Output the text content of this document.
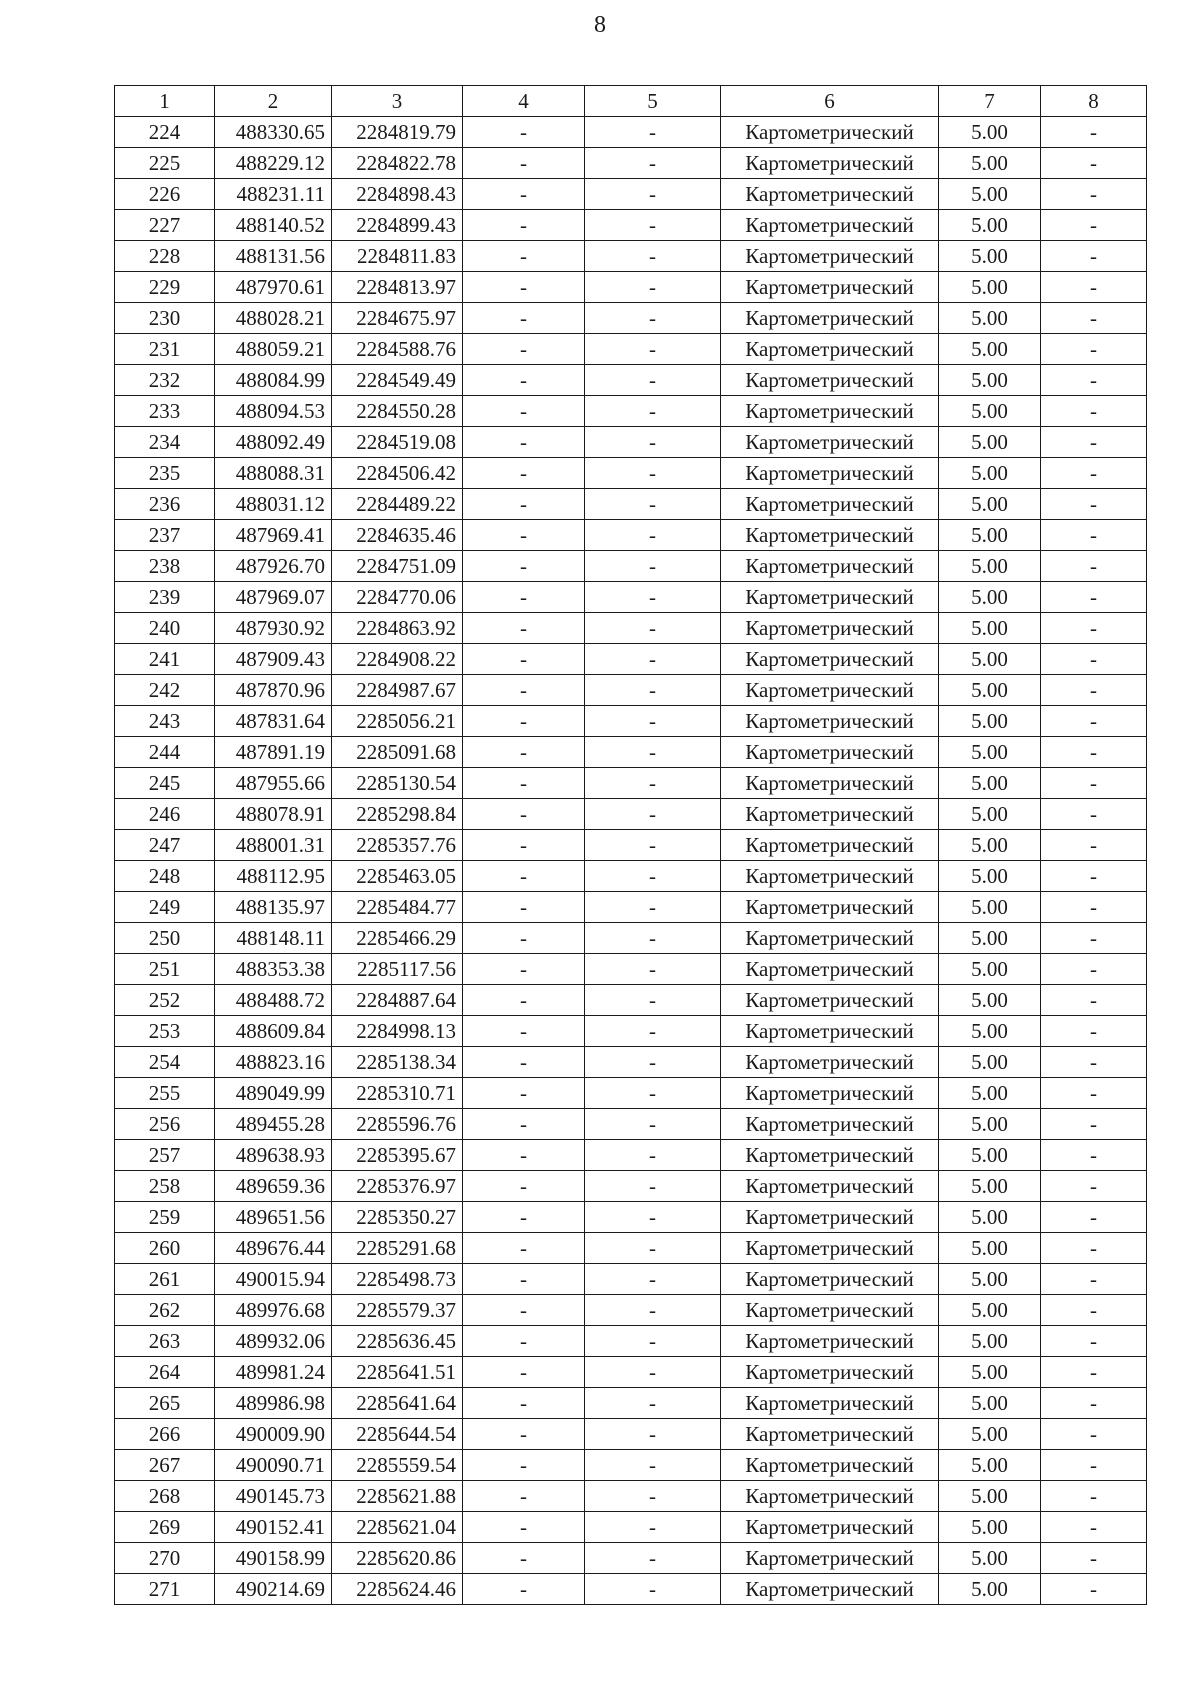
8
1	2	3	4	5	6	7	8
224	488330.65	2284819.79	-	-	Картометрический	5.00	-
225	488229.12	2284822.78	-	-	Картометрический	5.00	-
226	488231.11	2284898.43	-	-	Картометрический	5.00	-
227	488140.52	2284899.43	-	-	Картометрический	5.00	-
228	488131.56	2284811.83	-	-	Картометрический	5.00	-
229	487970.61	2284813.97	-	-	Картометрический	5.00	-
230	488028.21	2284675.97	-	-	Картометрический	5.00	-
231	488059.21	2284588.76	-	-	Картометрический	5.00	-
232	488084.99	2284549.49	-	-	Картометрический	5.00	-
233	488094.53	2284550.28	-	-	Картометрический	5.00	-
234	488092.49	2284519.08	-	-	Картометрический	5.00	-
235	488088.31	2284506.42	-	-	Картометрический	5.00	-
236	488031.12	2284489.22	-	-	Картометрический	5.00	-
237	487969.41	2284635.46	-	-	Картометрический	5.00	-
238	487926.70	2284751.09	-	-	Картометрический	5.00	-
239	487969.07	2284770.06	-	-	Картометрический	5.00	-
240	487930.92	2284863.92	-	-	Картометрический	5.00	-
241	487909.43	2284908.22	-	-	Картометрический	5.00	-
242	487870.96	2284987.67	-	-	Картометрический	5.00	-
243	487831.64	2285056.21	-	-	Картометрический	5.00	-
244	487891.19	2285091.68	-	-	Картометрический	5.00	-
245	487955.66	2285130.54	-	-	Картометрический	5.00	-
246	488078.91	2285298.84	-	-	Картометрический	5.00	-
247	488001.31	2285357.76	-	-	Картометрический	5.00	-
248	488112.95	2285463.05	-	-	Картометрический	5.00	-
249	488135.97	2285484.77	-	-	Картометрический	5.00	-
250	488148.11	2285466.29	-	-	Картометрический	5.00	-
251	488353.38	2285117.56	-	-	Картометрический	5.00	-
252	488488.72	2284887.64	-	-	Картометрический	5.00	-
253	488609.84	2284998.13	-	-	Картометрический	5.00	-
254	488823.16	2285138.34	-	-	Картометрический	5.00	-
255	489049.99	2285310.71	-	-	Картометрический	5.00	-
256	489455.28	2285596.76	-	-	Картометрический	5.00	-
257	489638.93	2285395.67	-	-	Картометрический	5.00	-
258	489659.36	2285376.97	-	-	Картометрический	5.00	-
259	489651.56	2285350.27	-	-	Картометрический	5.00	-
260	489676.44	2285291.68	-	-	Картометрический	5.00	-
261	490015.94	2285498.73	-	-	Картометрический	5.00	-
262	489976.68	2285579.37	-	-	Картометрический	5.00	-
263	489932.06	2285636.45	-	-	Картометрический	5.00	-
264	489981.24	2285641.51	-	-	Картометрический	5.00	-
265	489986.98	2285641.64	-	-	Картометрический	5.00	-
266	490009.90	2285644.54	-	-	Картометрический	5.00	-
267	490090.71	2285559.54	-	-	Картометрический	5.00	-
268	490145.73	2285621.88	-	-	Картометрический	5.00	-
269	490152.41	2285621.04	-	-	Картометрический	5.00	-
270	490158.99	2285620.86	-	-	Картометрический	5.00	-
271	490214.69	2285624.46	-	-	Картометрический	5.00	-
